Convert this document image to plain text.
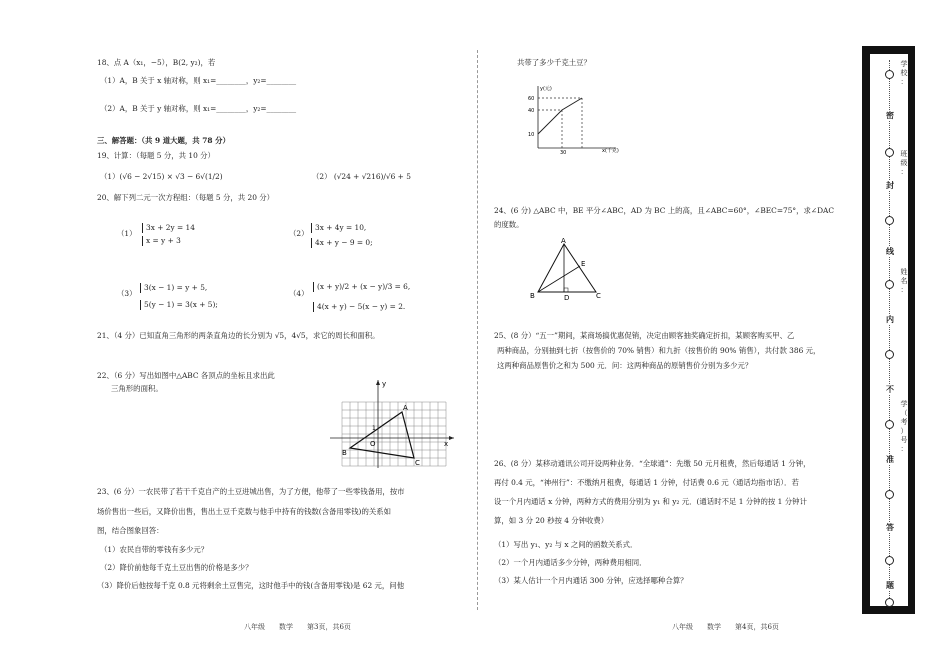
18、点 A（x₁，−5），B(2, y₂)，若
（1）A，B 关于 x 轴对称，则 x₁=________，y₂=________
（2）A，B 关于 y 轴对称，则 x₁=________，y₂=________
三、解答题：（共 9 道大题，共 78 分）
19、计算：（每题 5 分，共 10 分）
（1）(√6 − 2√15) × √3 − 6√(1/2)	（2） (√24 + √216)/√6 + 5
20、解下列二元一次方程组：（每题 5 分，共 20 分）
（1）
3x + 2y = 14
x = y + 3
（2）
3x + 4y = 10,
4x + y − 9 = 0;
（3）
3(x − 1) = y + 5,
5(y − 1) = 3(x + 5);
（4）
(x + y)/2 + (x − y)/3 = 6,
4(x + y) − 5(x − y) = 2.
21、（4 分）已知直角三角形的两条直角边的长分别为 √5，4√5，求它的周长和面积。
22、（6 分）写出如图中△ABC 各顶点的坐标且求出此
三角形的面积。	y
x
A
B
C
O
1
23、(6 分）一农民带了若干千克自产的土豆进城出售，为了方便，他带了一些零钱备用，按市
场价售出一些后，又降价出售，售出土豆千克数与他手中持有的钱数(含备用零钱)的关系如
图，结合图象回答：
（1）农民自带的零钱有多少元？
（2）降价前他每千克土豆出售的价格是多少？
（3）降价后他按每千克 0.8 元将剩余土豆售完，这时他手中的钱(含备用零钱)是 62 元，问他
八年级　　数学　　第3页，共6页
共带了多少千克土豆？
y(元)
x(千克)
60
40
10
30
24、(6 分) △ABC 中，BE 平分∠ABC，AD 为 BC 上的高，且∠ABC=60°，∠BEC=75°，求∠DAC
的度数。
A
B	C
D
E
25、(8 分）“五一”期间，某商场搞优惠促销，决定由顾客抽奖确定折扣，某顾客购买甲、乙
两种商品，分别抽到七折（按售价的 70% 销售）和九折（按售价的 90% 销售），共付款 386 元，
这两种商品原售价之和为 500 元．问：这两种商品的原销售价分别为多少元？
26、(8 分）某移动通讯公司开设两种业务．“全球通”：先缴 50 元月租费，然后每通话 1 分钟，
再付 0.4 元，“神州行”：不缴纳月租费，每通话 1 分钟，付话费 0.6 元（通话均指市话）．若
设一个月内通话 x 分钟，两种方式的费用分别为 y₁ 和 y₂ 元．(通话时不足 1 分钟的按 1 分钟计
算，如 3 分 20 秒按 4 分钟收费）
（1）写出 y₁、y₂ 与 x 之间的函数关系式．
（2）一个月内通话多少分钟，两种费用相同．
（3）某人估计一个月内通话 300 分钟，应选择哪种合算？
八年级　　数学　　第4页，共6页
密
封
线
内
不
准
答
题
学
校
：
班
级
：
姓
名
：
学
（
考
）
号
：
